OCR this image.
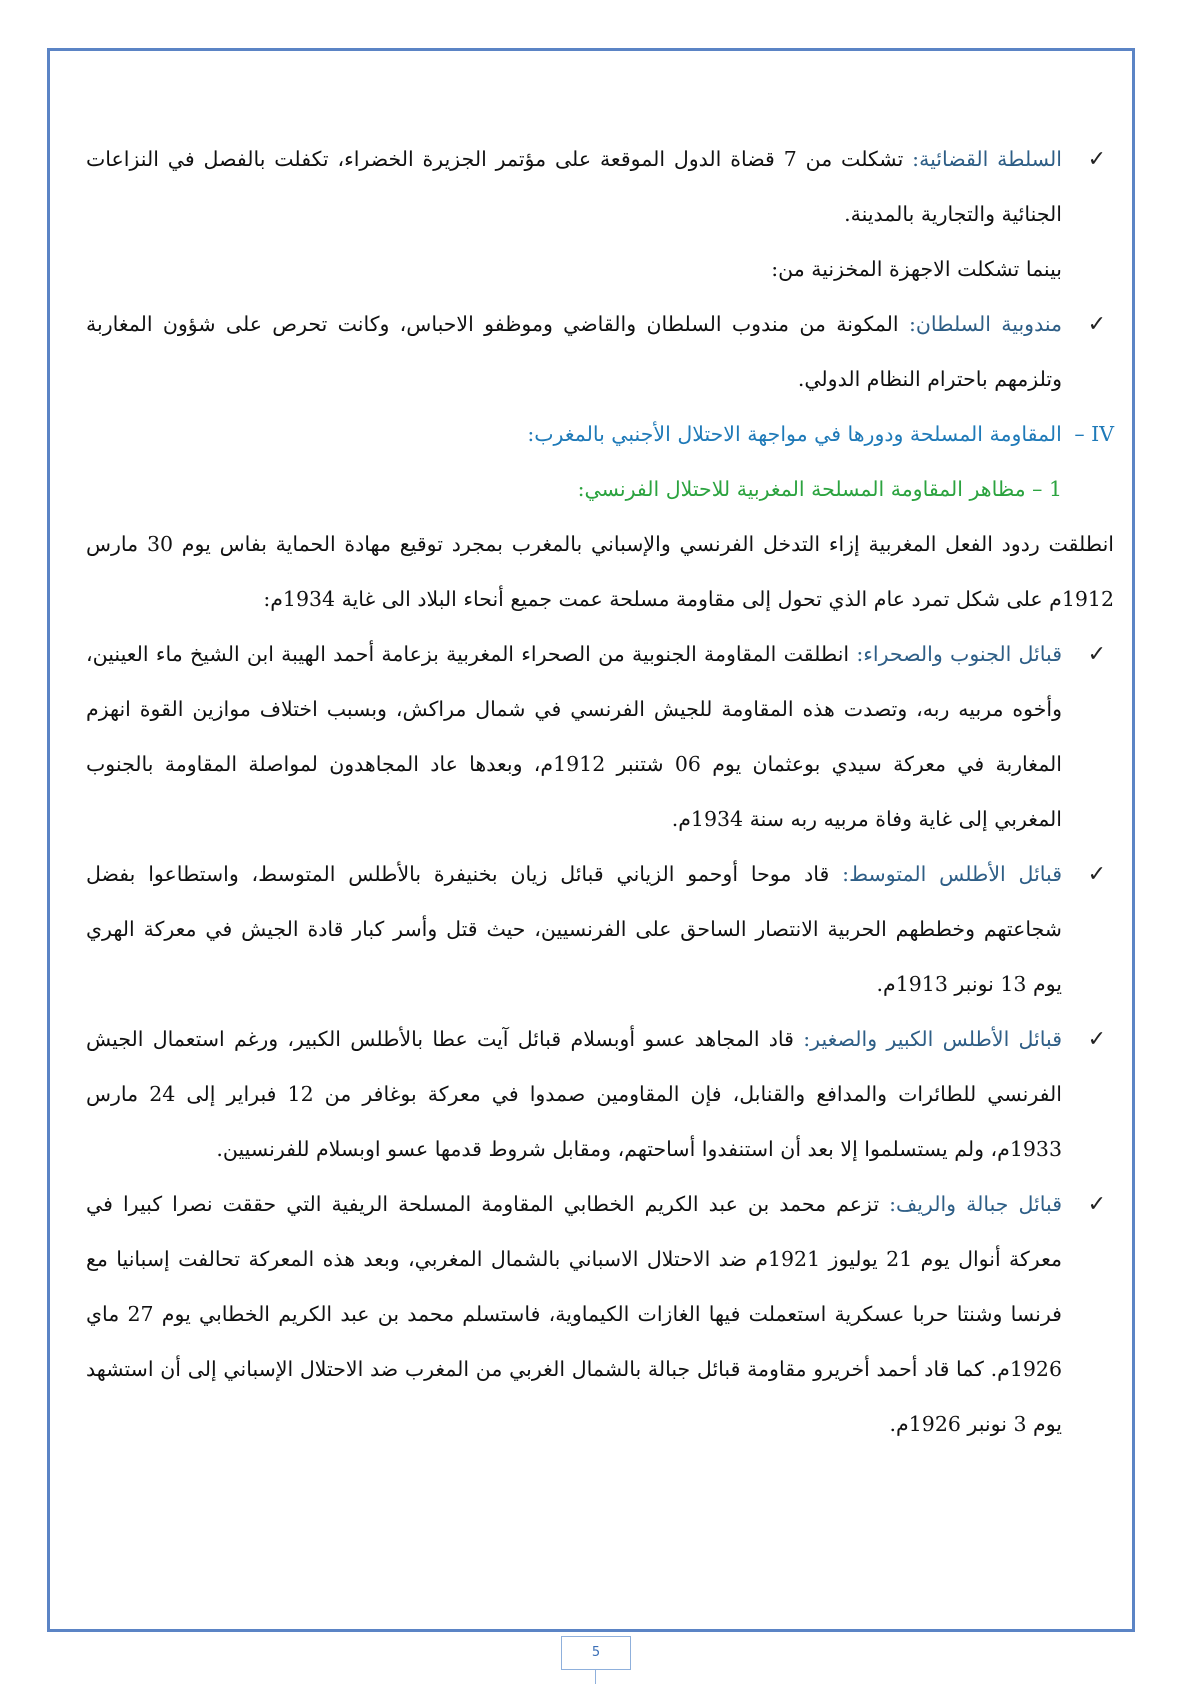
✓
السلطة القضائية: تشكلت من 7 قضاة الدول الموقعة على مؤتمر الجزيرة الخضراء، تكفلت بالفصل في النزاعات الجنائية والتجارية بالمدينة.

بينما تشكلت الاجهزة المخزنية من:

✓
مندوبية السلطان: المكونة من مندوب السلطان والقاضي وموظفو الاحباس، وكانت تحرص على شؤون المغاربة وتلزمهم باحترام النظام الدولي.

IV – المقاومة المسلحة ودورها في مواجهة الاحتلال الأجنبي بالمغرب:

1 – مظاهر المقاومة المسلحة المغربية للاحتلال الفرنسي:

انطلقت ردود الفعل المغربية إزاء التدخل الفرنسي والإسباني بالمغرب بمجرد توقيع مهادة الحماية بفاس يوم 30 مارس 1912م على شكل تمرد عام الذي تحول إلى مقاومة مسلحة عمت جميع أنحاء البلاد الى غاية 1934م:

✓
قبائل الجنوب والصحراء: انطلقت المقاومة الجنوبية من الصحراء المغربية بزعامة أحمد الهيبة ابن الشيخ ماء العينين، وأخوه مربيه ربه، وتصدت هذه المقاومة للجيش الفرنسي في شمال مراكش، وبسبب اختلاف موازين القوة انهزم المغاربة في معركة سيدي بوعثمان يوم 06 شتنبر 1912م، وبعدها عاد المجاهدون لمواصلة المقاومة بالجنوب المغربي إلى غاية وفاة مربيه ربه سنة 1934م.

✓
قبائل الأطلس المتوسط: قاد موحا أوحمو الزياني قبائل زيان بخنيفرة بالأطلس المتوسط، واستطاعوا بفضل شجاعتهم وخططهم الحربية الانتصار الساحق على الفرنسيين، حيث قتل وأسر كبار قادة الجيش في معركة الهري يوم 13 نونبر 1913م.

✓
قبائل الأطلس الكبير والصغير: قاد المجاهد عسو أوبسلام قبائل آيت عطا بالأطلس الكبير، ورغم استعمال الجيش الفرنسي للطائرات والمدافع والقنابل، فإن المقاومين صمدوا في معركة بوغافر من 12 فبراير إلى 24 مارس 1933م، ولم يستسلموا إلا بعد أن استنفدوا أساحتهم، ومقابل شروط قدمها عسو اوبسلام للفرنسيين.

✓
قبائل جبالة والريف: تزعم محمد بن عبد الكريم الخطابي المقاومة المسلحة الريفية التي حققت نصرا كبيرا في معركة أنوال يوم 21 يوليوز 1921م ضد الاحتلال الاسباني بالشمال المغربي، وبعد هذه المعركة تحالفت إسبانيا مع فرنسا وشنتا حربا عسكرية استعملت فيها الغازات الكيماوية، فاستسلم محمد بن عبد الكريم الخطابي يوم 27 ماي 1926م. كما قاد أحمد أخريرو مقاومة قبائل جبالة بالشمال الغربي من المغرب ضد الاحتلال الإسباني إلى أن استشهد يوم 3 نونبر 1926م.

5
